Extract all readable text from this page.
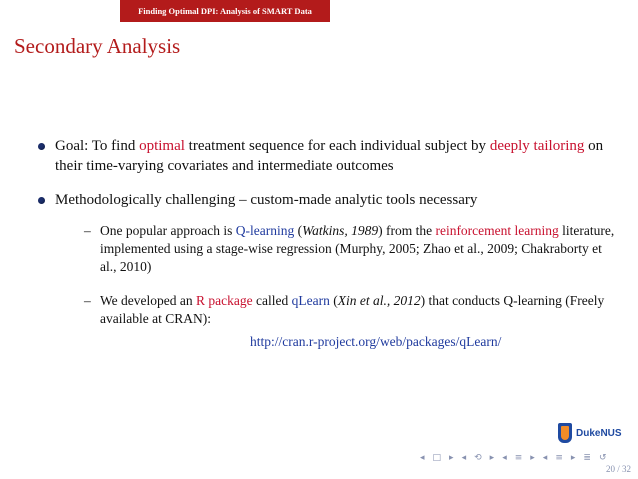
Finding Optimal DPI: Analysis of SMART Data
Secondary Analysis
Goal: To find optimal treatment sequence for each individual subject by deeply tailoring on their time-varying covariates and intermediate outcomes
Methodologically challenging – custom-made analytic tools necessary
– One popular approach is Q-learning (Watkins, 1989) from the reinforcement learning literature, implemented using a stage-wise regression (Murphy, 2005; Zhao et al., 2009; Chakraborty et al., 2010)
– We developed an R package called qLearn (Xin et al., 2012) that conducts Q-learning (Freely available at CRAN):
http://cran.r-project.org/web/packages/qLearn/
DukeNUS
◂ □ ▸ ◂ ⟲ ▸ ◂ ≡ ▸ ◂ ≡ ▸ ≣ ↺
20 / 32
